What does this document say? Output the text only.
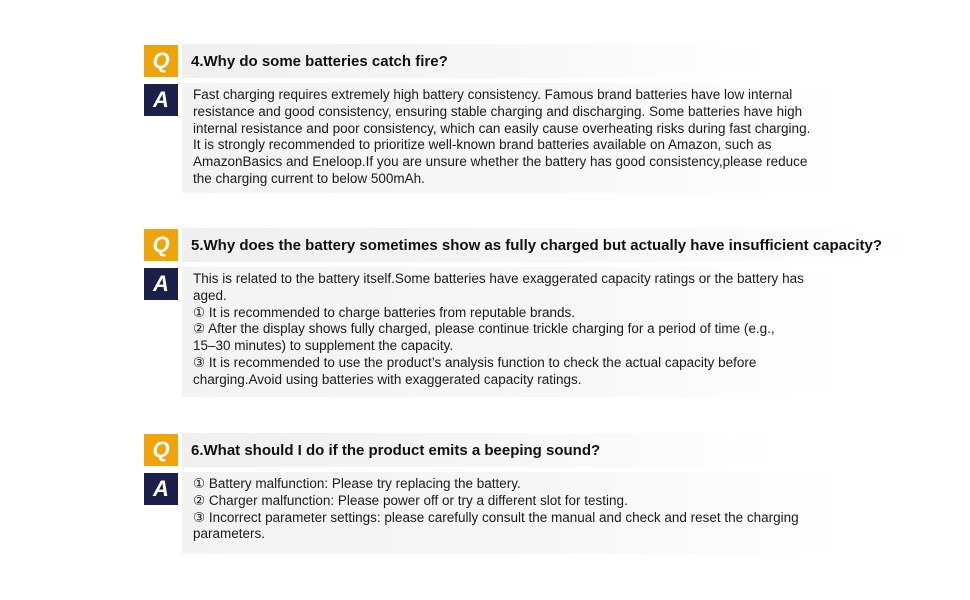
Q	4.Why do some batteries catch fire?
A	Fast charging requires extremely high battery consistency. Famous brand batteries have low internal
resistance and good consistency, ensuring stable charging and discharging. Some batteries have high
internal resistance and poor consistency, which can easily cause overheating risks during fast charging.
It is strongly recommended to prioritize well-known brand batteries available on Amazon, such as
AmazonBasics and Eneloop.If you are unsure whether the battery has good consistency,please reduce
the charging current to below 500mAh.
Q	5.Why does the battery sometimes show as fully charged but actually have insufficient capacity?
A	This is related to the battery itself.Some batteries have exaggerated capacity ratings or the battery has
aged.
① It is recommended to charge batteries from reputable brands.
② After the display shows fully charged, please continue trickle charging for a period of time (e.g.,
15–30 minutes) to supplement the capacity.
③ It is recommended to use the product’s analysis function to check the actual capacity before
charging.Avoid using batteries with exaggerated capacity ratings.
Q	6.What should I do if the product emits a beeping sound?
A	① Battery malfunction: Please try replacing the battery.
② Charger malfunction: Please power off or try a different slot for testing.
③ Incorrect parameter settings: please carefully consult the manual and check and reset the charging
parameters.
